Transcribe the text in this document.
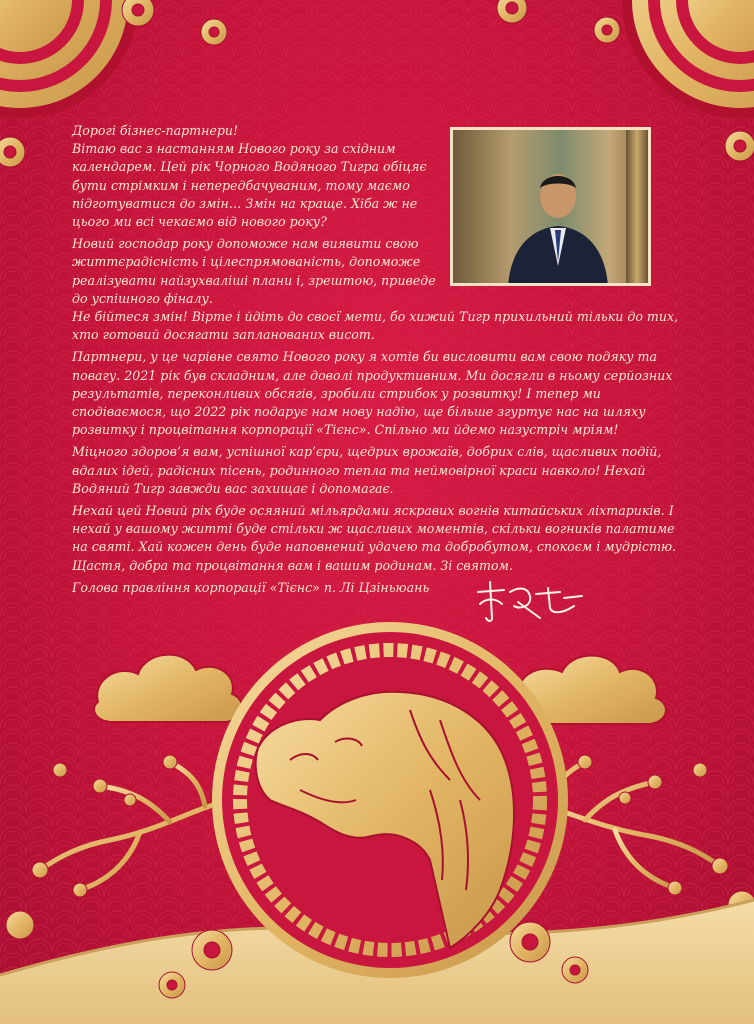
Дорогі бізнес-партнери!

Вітаю вас з настанням Нового року за східним календарем. Цей рік Чорного Водяного Тигра обіцяє бути стрімким і непередбачуваним, тому маємо підготуватися до змін… Змін на краще. Хіба ж не цього ми всі чекаємо від нового року?

Новий господар року допоможе нам виявити свою життєрадісність і цілеспрямованість, допоможе реалізувати найзухваліші плани і, зрештою, приведе до успішного фіналу.

Не бійтеся змін! Вірте і йдіть до своєї мети, бо хижий Тигр прихильний тільки до тих, хто готовий досягати запланованих висот.

Партнери, у це чарівне свято Нового року я хотів би висловити вам свою подяку та повагу. 2021 рік був складним, але доволі продуктивним. Ми досягли в ньому серйозних результатів, переконливих обсягів, зробили стрибок у розвитку! І тепер ми сподіваємося, що 2022 рік подарує нам нову надію, ще більше згуртує нас на шляху розвитку і процвітання корпорації «Тієнс». Спільно ми йдемо назустріч мріям!

Міцного здоров’я вам, успішної кар’єри, щедрих врожаїв, добрих слів, щасливих подій, вдалих ідей, радісних пісень, родинного тепла та неймовірної краси навколо! Нехай Водяний Тигр завжди вас захищає і допомагає.

Нехай цей Новий рік буде осяяний мільярдами яскравих вогнів китайських ліхтариків. І нехай у вашому житті буде стільки ж щасливих моментів, скільки вогників палатиме на святі. Хай кожен день буде наповнений удачею та добробутом, спокоєм і мудрістю. Щастя, добра та процвітання вам і вашим родинам. Зі святом.

Голова правління корпорації «Тієнс» п. Лі Цзіньюань
